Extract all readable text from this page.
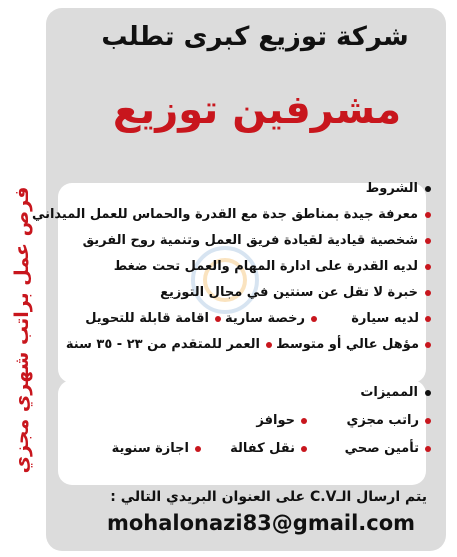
فرص عمل براتب شهري مجزي
شركة توزيع كبرى تطلب
مشرفين توزيع
الشروط
معرفة جيدة بمناطق جدة مع القدرة والحماس للعمل الميداني
شخصية قيادية لقيادة فريق العمل وتنمية روح الفريق
لديه القدرة على ادارة المهام والعمل تحت ضغط
خبرة لا تقل عن سنتين في مجال التوزيع
لديه سيارة
رخصة سارية
اقامة قابلة للتحويل
مؤهل عالي أو متوسط
العمر للمتقدم من ٢٣ - ٣٥ سنة
المميزات
راتب مجزي
حوافز
تأمين صحي
نقل كفالة
اجازة سنوية
يتم ارسال الـC.V على العنوان البريدي التالي :
mohalonazi83@gmail.com
